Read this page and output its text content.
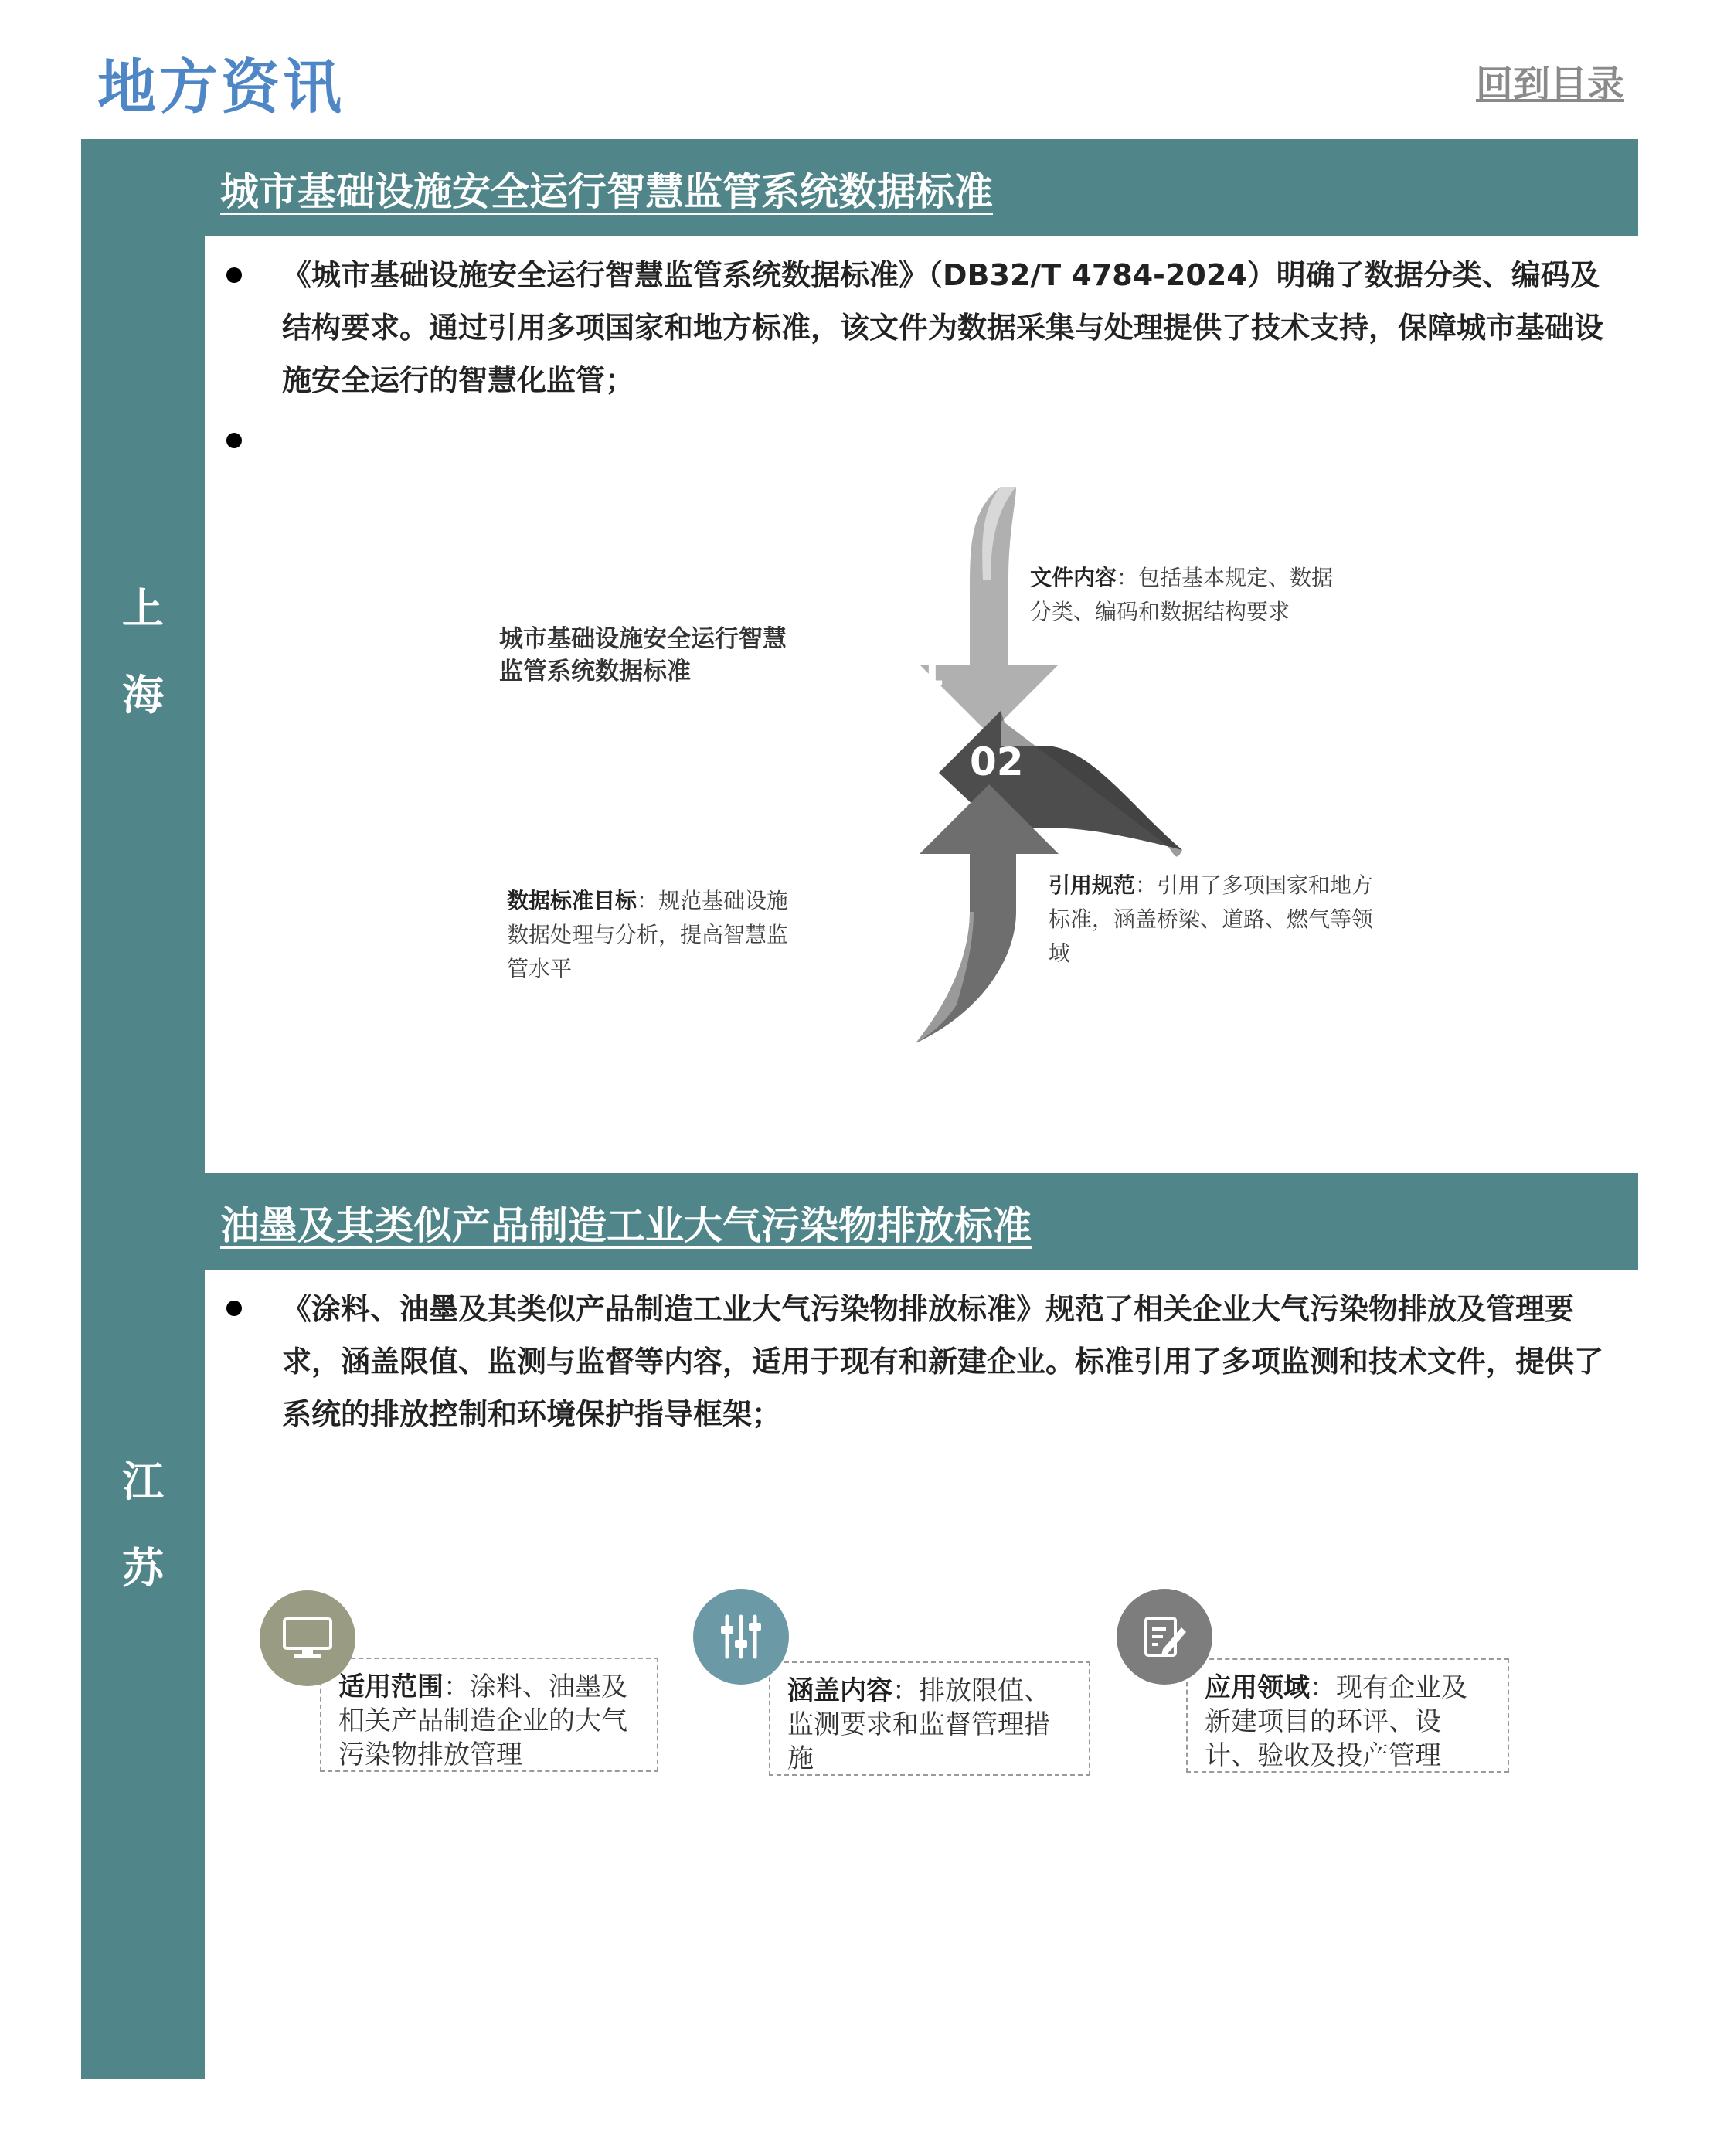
地方资讯	回到目录
上
海
江
苏
城市基础设施安全运行智慧监管系统数据标准
《城市基础设施安全运行智慧监管系统数据标准》（DB32/T 4784-2024）明确了数据分类、编码及结构要求。通过引用多项国家和地方标准，该文件为数据采集与处理提供了技术支持，保障城市基础设施安全运行的智慧化监管；
01
02
03
城市基础设施安全运行智慧监管系统数据标准
文件内容：包括基本规定、数据分类、编码和数据结构要求
引用规范：引用了多项国家和地方标准，涵盖桥梁、道路、燃气等领域
数据标准目标：规范基础设施数据处理与分析，提高智慧监管水平
油墨及其类似产品制造工业大气污染物排放标准
《涂料、油墨及其类似产品制造工业大气污染物排放标准》规范了相关企业大气污染物排放及管理要求，涵盖限值、监测与监督等内容，适用于现有和新建企业。标准引用了多项监测和技术文件，提供了系统的排放控制和环境保护指导框架；
适用范围：涂料、油墨及相关产品制造企业的大气污染物排放管理
涵盖内容：排放限值、监测要求和监督管理措施
应用领域：现有企业及新建项目的环评、设计、验收及投产管理
